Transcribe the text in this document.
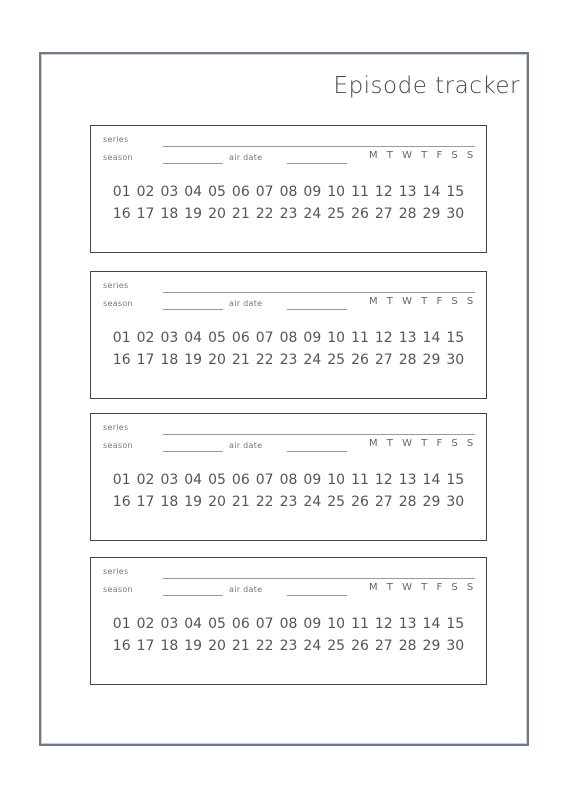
Episode tracker
series
season	air date	M T W T F S S
01 02 03 04 05 06 07 08 09 10 11 12 13 14 15
16 17 18 19 20 21 22 23 24 25 26 27 28 29 30
series
season	air date	M T W T F S S
01 02 03 04 05 06 07 08 09 10 11 12 13 14 15
16 17 18 19 20 21 22 23 24 25 26 27 28 29 30
series
season	air date	M T W T F S S
01 02 03 04 05 06 07 08 09 10 11 12 13 14 15
16 17 18 19 20 21 22 23 24 25 26 27 28 29 30
series
season	air date	M T W T F S S
01 02 03 04 05 06 07 08 09 10 11 12 13 14 15
16 17 18 19 20 21 22 23 24 25 26 27 28 29 30
